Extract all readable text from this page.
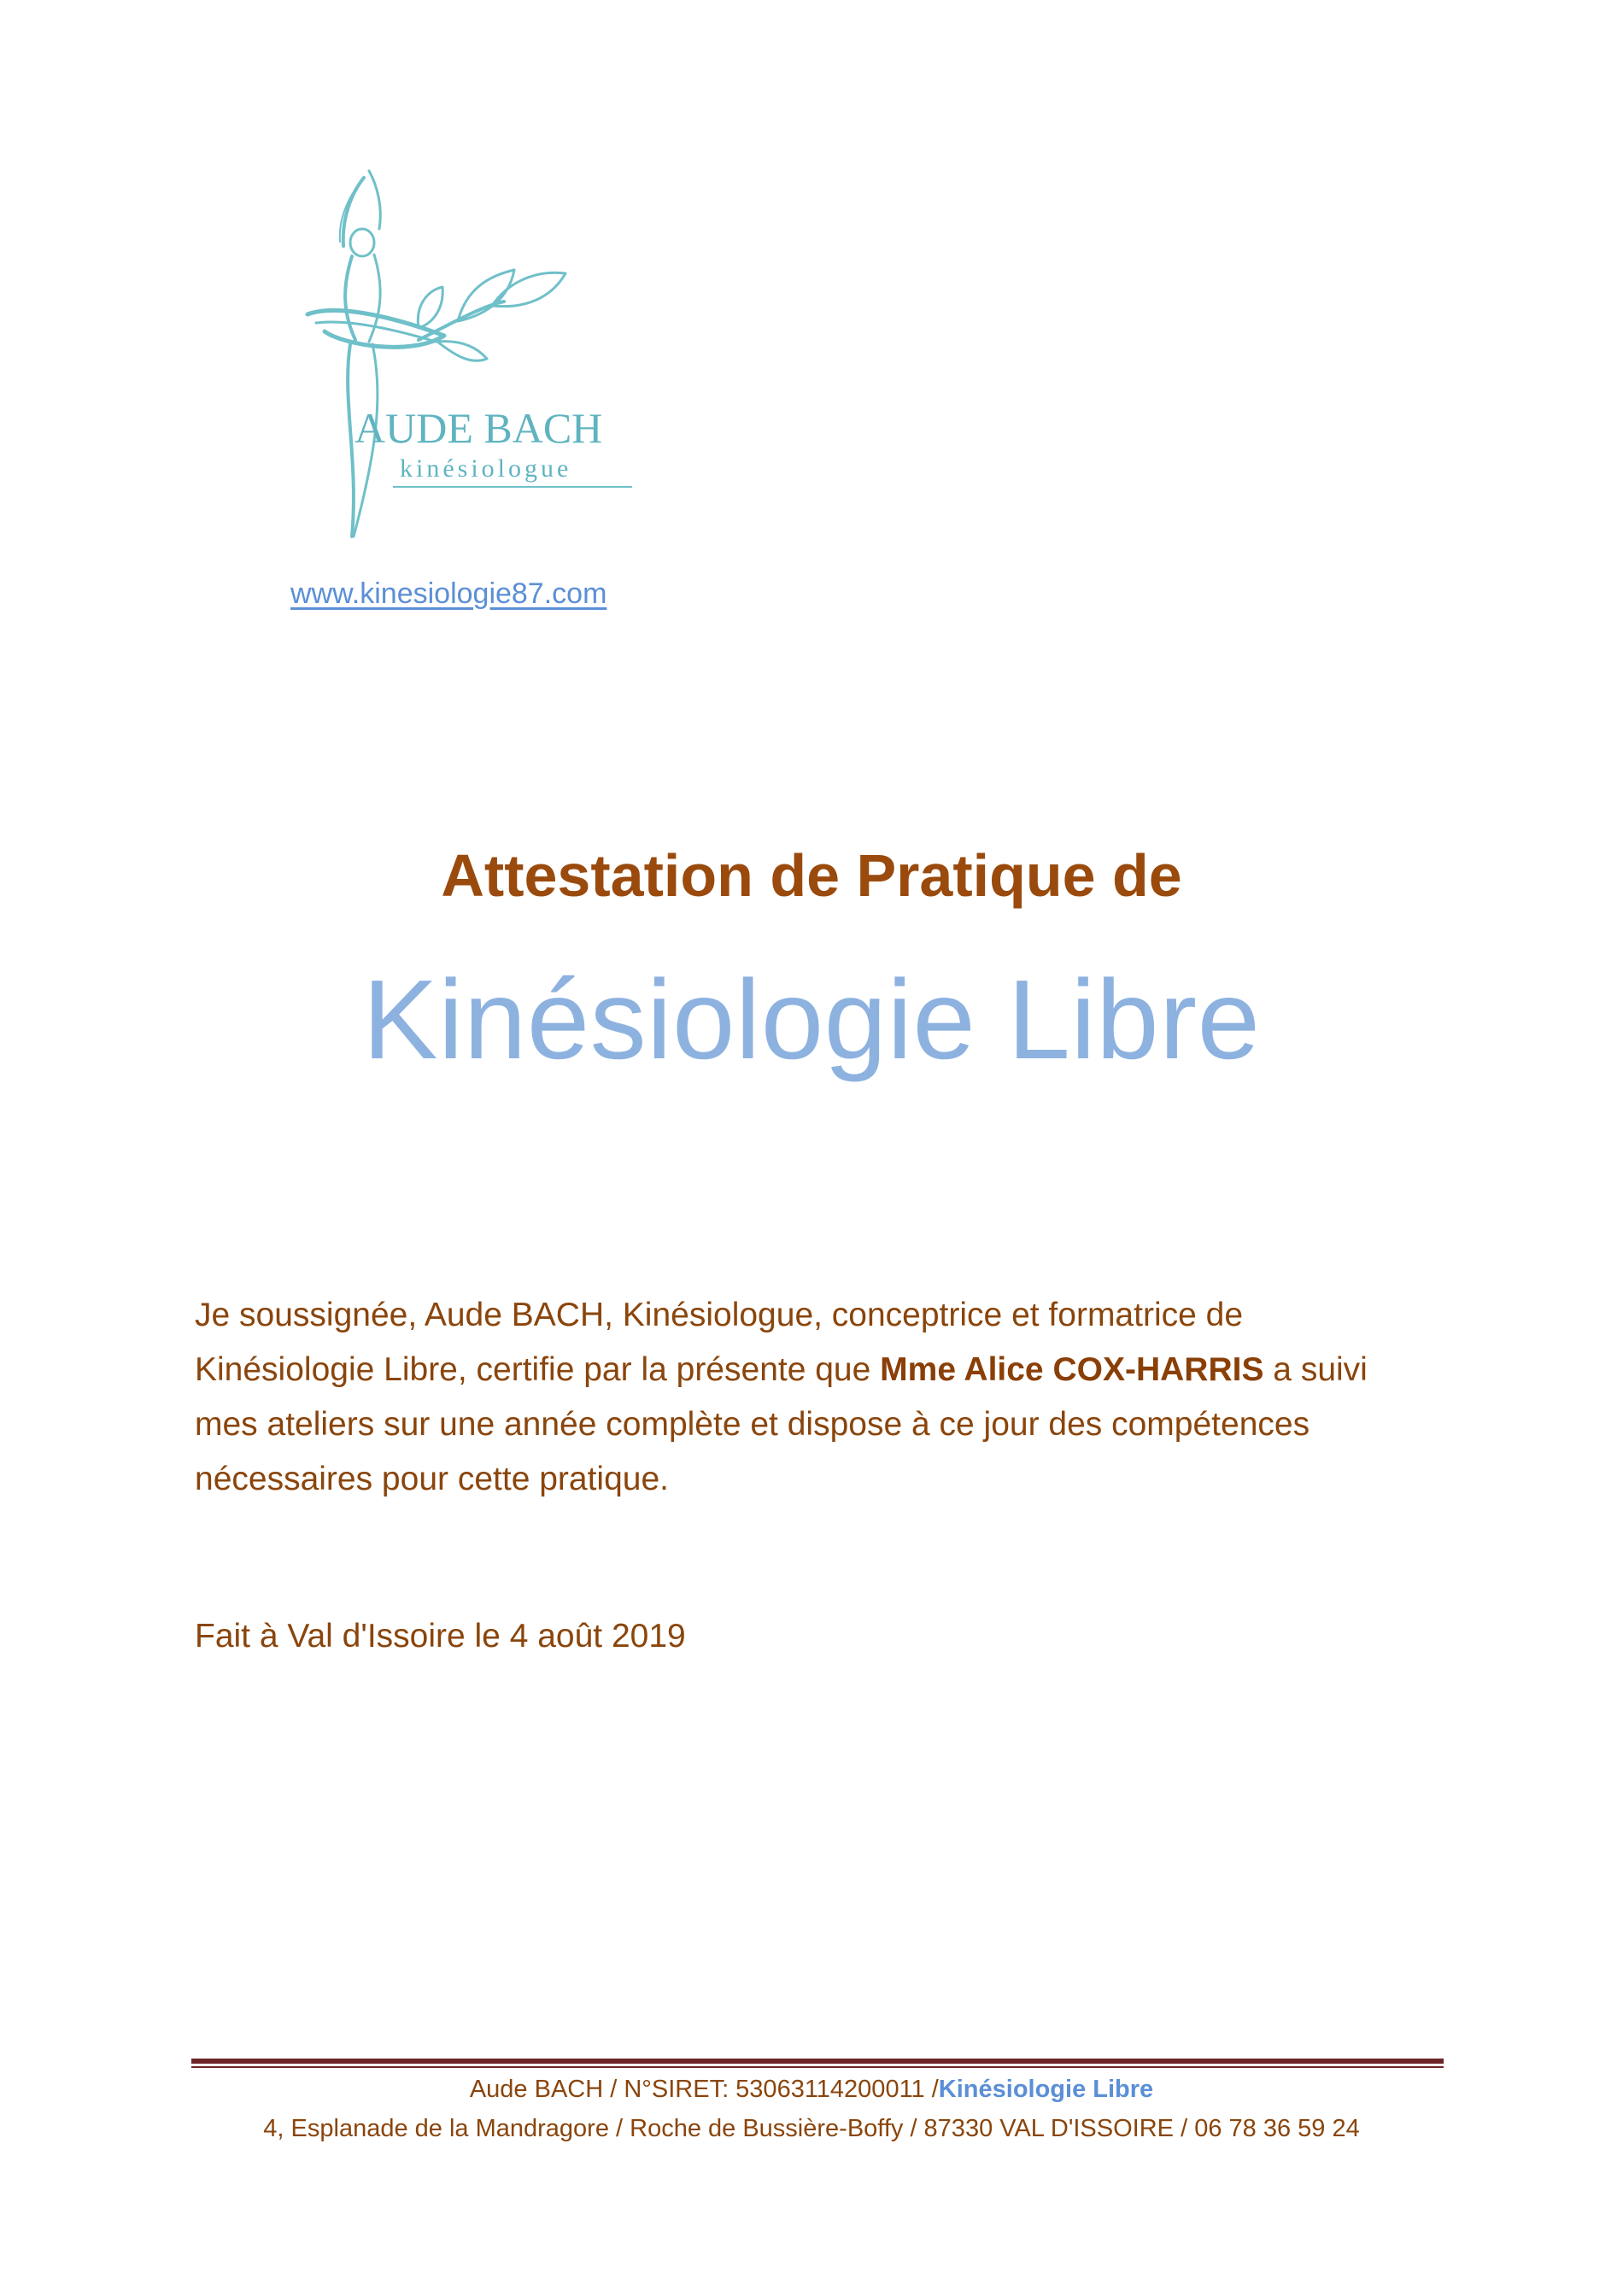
AUDE BACH
kinésiologue
www.kinesiologie87.com
Attestation de Pratique de
Kinésiologie Libre
Je soussignée, Aude BACH, Kinésiologue, conceptrice et formatrice de
Kinésiologie Libre, certifie par la présente que Mme Alice COX-HARRIS a suivi
mes ateliers sur une année complète et dispose à ce jour des compétences
nécessaires pour cette pratique.
Fait à Val d'Issoire le 4 août 2019
Aude BACH / N°SIRET: 53063114200011 /Kinésiologie Libre
4, Esplanade de la Mandragore / Roche de Bussière-Boffy / 87330 VAL D'ISSOIRE / 06 78 36 59 24
